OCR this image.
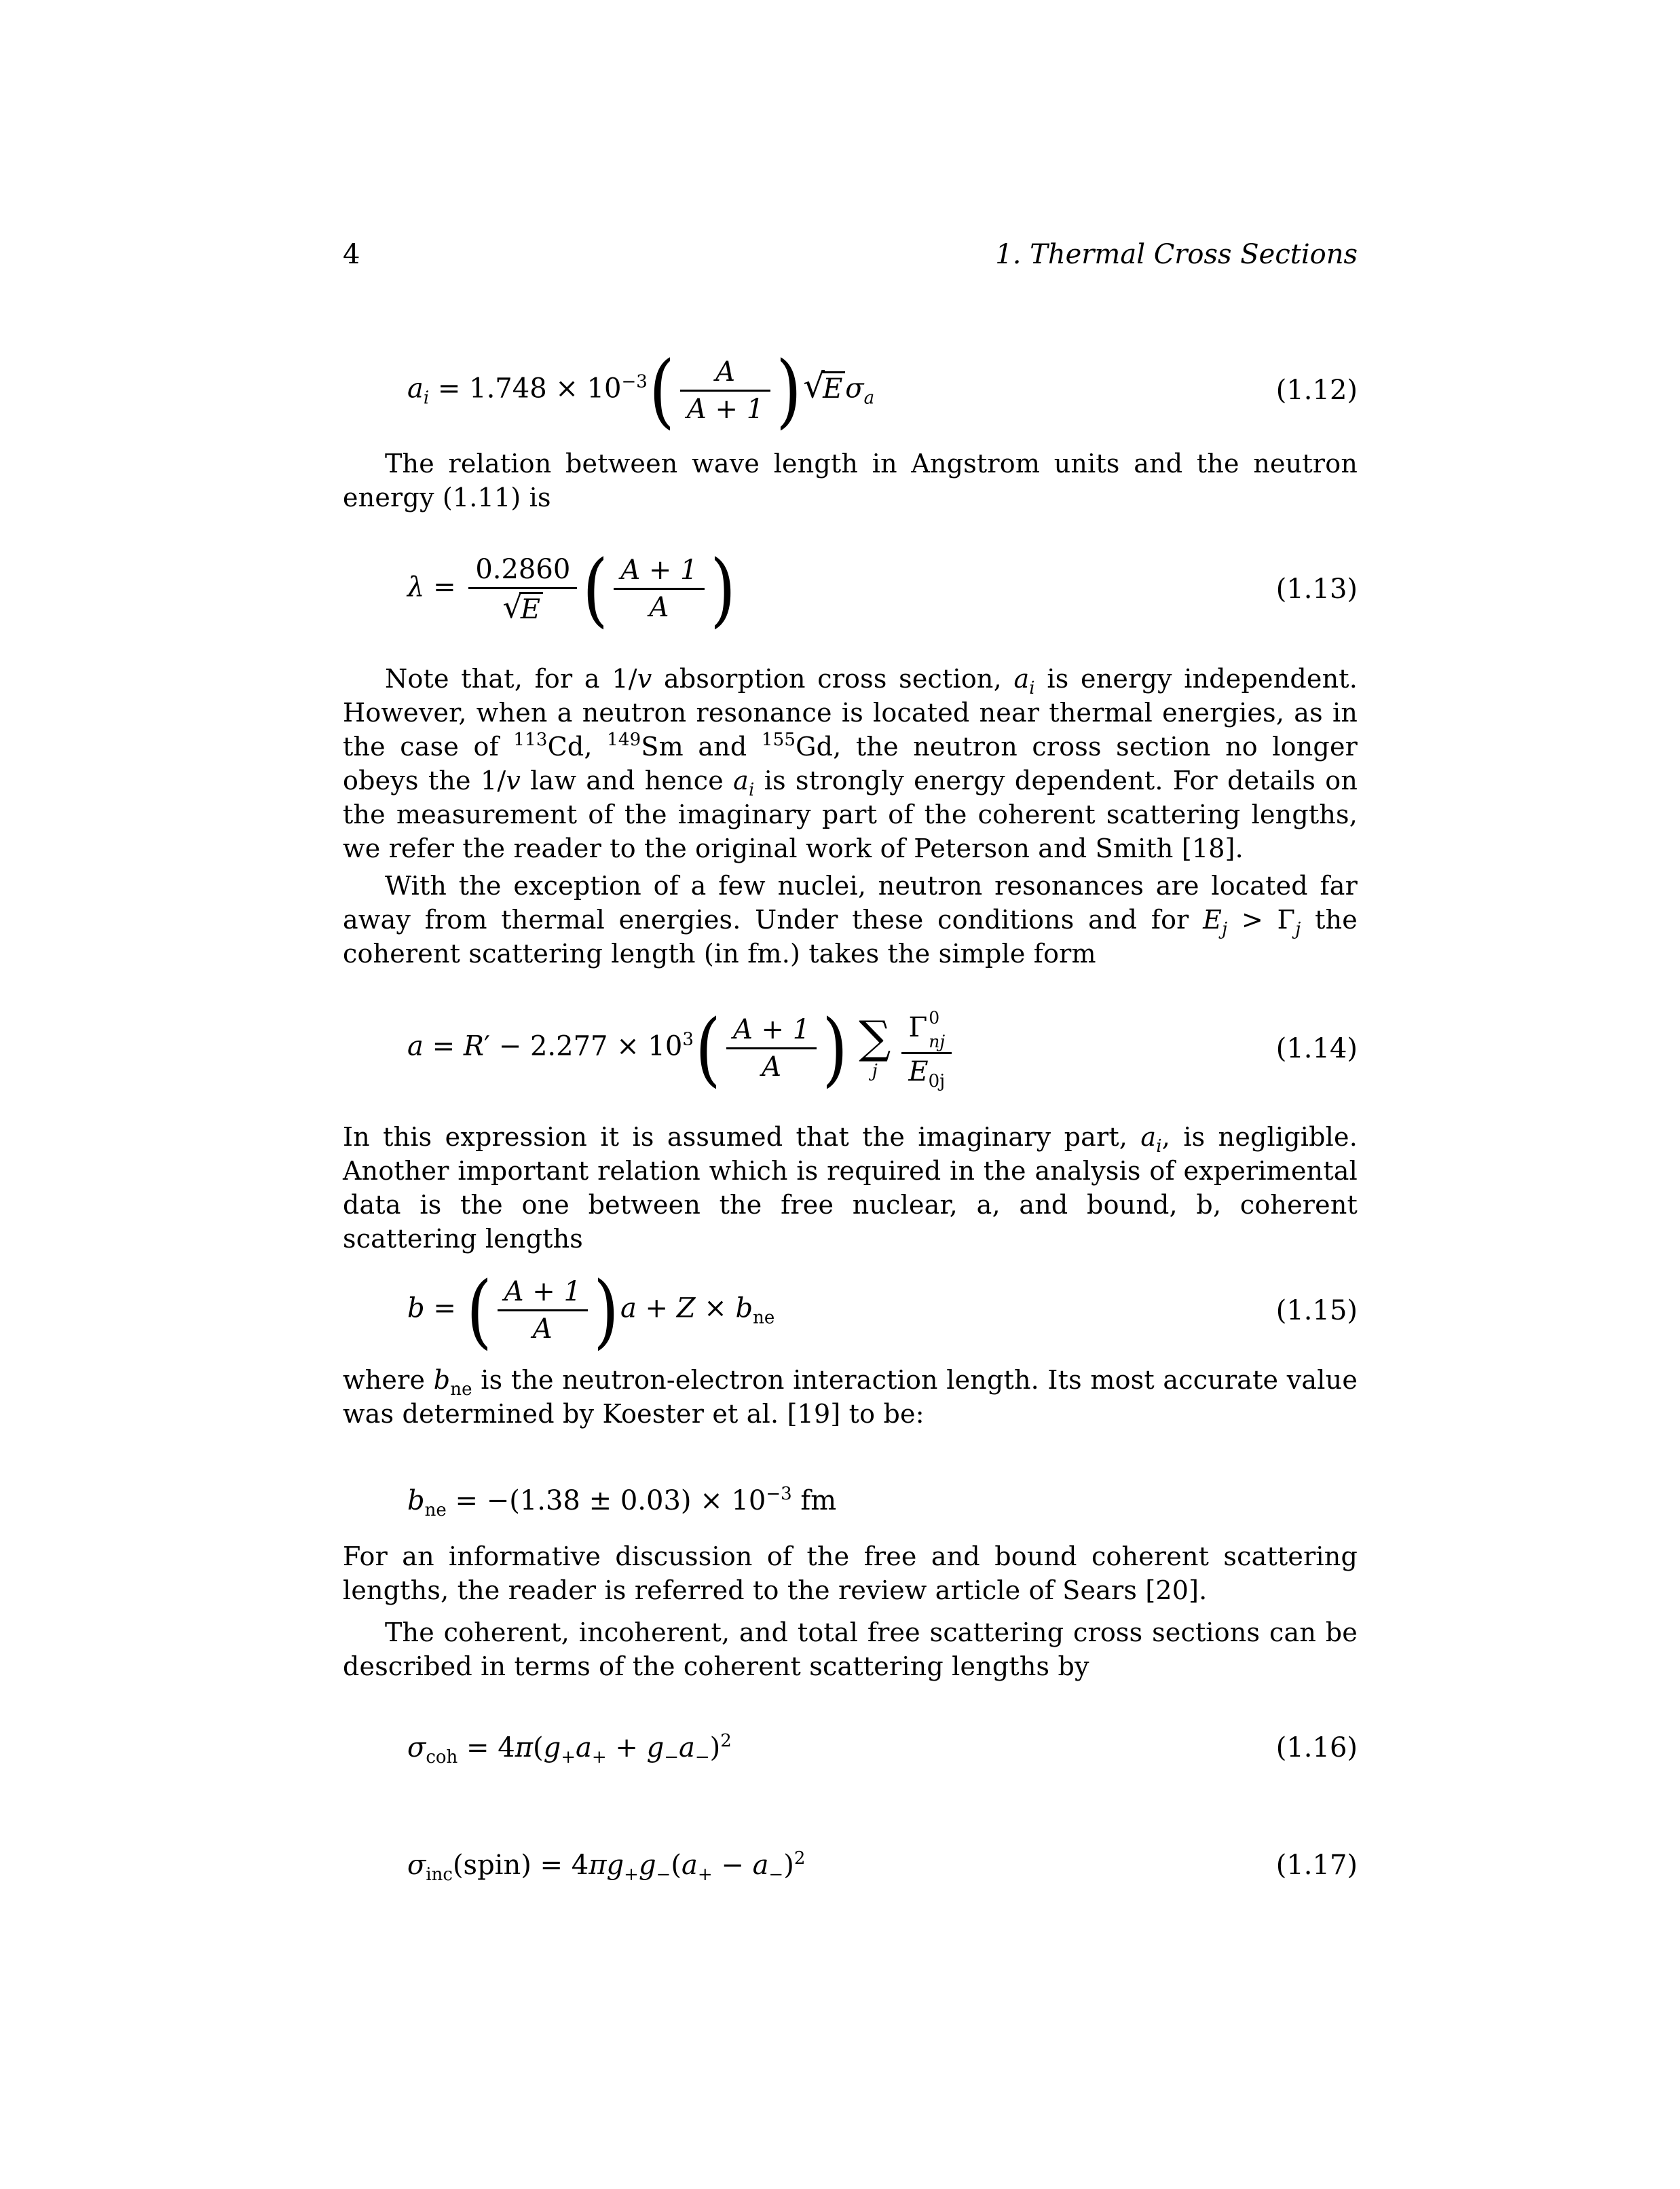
4	1. Thermal Cross Sections
$a_i = 1.748 \times 10^{-3}( \frac{A}{A + 1} )√E$ $\sigma_a$	(1.12)

The relation between wave length in Angstrom units and the neutron energy (1.11) is

$\lambda = \frac{0.2860}{√E}$ ( $\frac{A + 1}{A}$ )	(1.13)

Note that, for a 1/v absorption cross section, $a_i$ is energy independent. However, when a neutron resonance is located near thermal energies, as in the case of $^{113}$Cd, $^{149}$Sm and $^{155}$Gd, the neutron cross section no longer obeys the 1/v law and hence $a_i$ is strongly energy dependent. For details on the measurement of the imaginary part of the coherent scattering lengths, we refer the reader to the original work of Peterson and Smith [18].

With the exception of a few nuclei, neutron resonances are located far away from thermal energies. Under these conditions and for $E_j > \Gamma_j$ the coherent scattering length (in fm.) takes the simple form

$a = R' - 2.277 \times 10^3( \frac{A + 1}{A}$ ) ∑
j Γ 0
nj
$E_{0j}$	(1.14)

In this expression it is assumed that the imaginary part, $a_i$, is negligible. Another important relation which is required in the analysis of experimental data is the one between the free nuclear, a, and bound, b, coherent scattering lengths

b = ( $\frac{A + 1}{A} )a + Z \times b_{ne}$	(1.15)

where $b_{ne}$ is the neutron-electron interaction length. Its most accurate value was determined by Koester et al. [19] to be:

$b_{ne} = -(1.38 \pm 0.03) \times 10^{-3}$ fm

For an informative discussion of the free and bound coherent scattering lengths, the reader is referred to the review article of Sears [20].

The coherent, incoherent, and total free scattering cross sections can be described in terms of the coherent scattering lengths by

$\sigma_{coh} = 4\pi(g_+a_+ + g_-a_-)^2$	(1.16)
$\sigma_{inc}(spin) = 4\pi g_+g_-(a_+ - a_-)^2$	(1.17)
